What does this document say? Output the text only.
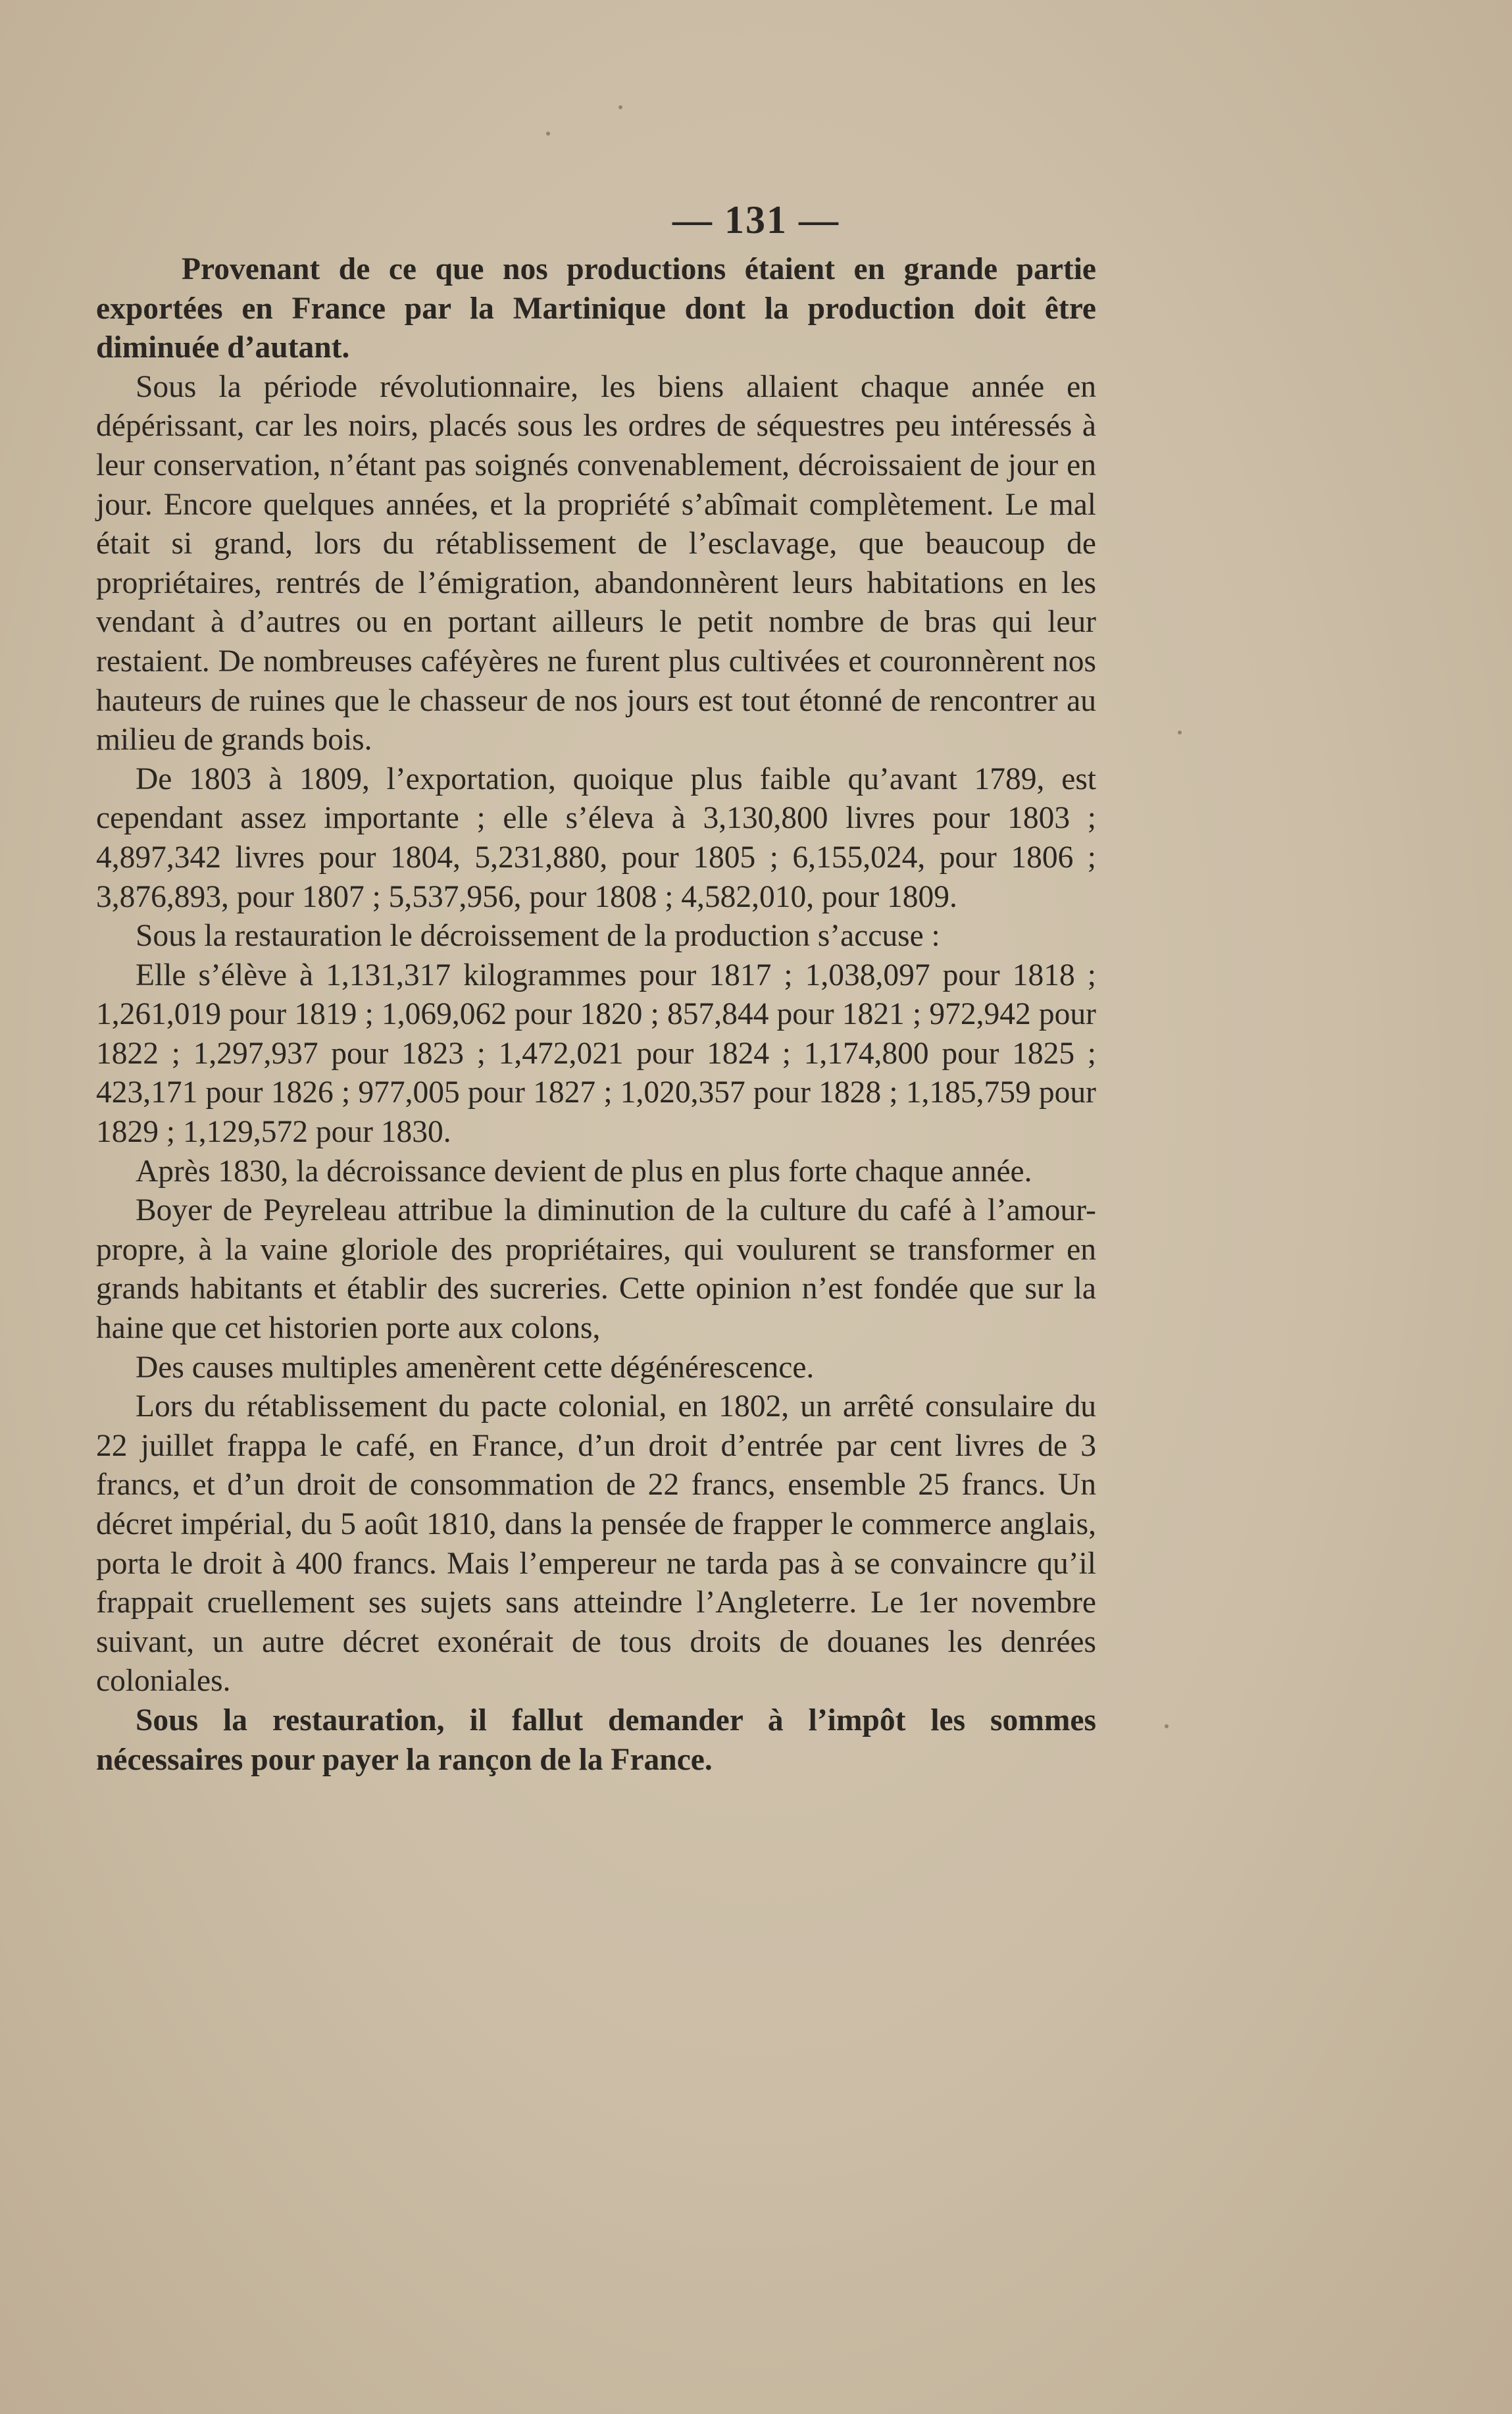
— 131 —

Provenant de ce que nos productions étaient en grande partie exportées en France par la Martinique dont la production doit être diminuée d’autant.

Sous la période révolutionnaire, les biens allaient chaque année en dépérissant, car les noirs, placés sous les ordres de séquestres peu intéressés à leur conservation, n’étant pas soignés convenablement, décroissaient de jour en jour. Encore quelques années, et la propriété s’abîmait complètement. Le mal était si grand, lors du rétablissement de l’esclavage, que beaucoup de propriétaires, rentrés de l’émigration, abandonnèrent leurs habitations en les vendant à d’autres ou en portant ailleurs le petit nombre de bras qui leur restaient. De nombreuses caféyères ne furent plus cultivées et couronnèrent nos hauteurs de ruines que le chasseur de nos jours est tout étonné de rencontrer au milieu de grands bois.

De 1803 à 1809, l’exportation, quoique plus faible qu’avant 1789, est cependant assez importante ; elle s’éleva à 3,130,800 livres pour 1803 ; 4,897,342 livres pour 1804, 5,231,880, pour 1805 ; 6,155,024, pour 1806 ; 3,876,893, pour 1807 ; 5,537,956, pour 1808 ; 4,582,010, pour 1809.

Sous la restauration le décroissement de la production s’accuse :

Elle s’élève à 1,131,317 kilogrammes pour 1817 ; 1,038,097 pour 1818 ; 1,261,019 pour 1819 ; 1,069,062 pour 1820 ; 857,844 pour 1821 ; 972,942 pour 1822 ; 1,297,937 pour 1823 ; 1,472,021 pour 1824 ; 1,174,800 pour 1825 ; 423,171 pour 1826 ; 977,005 pour 1827 ; 1,020,357 pour 1828 ; 1,185,759 pour 1829 ; 1,129,572 pour 1830.

Après 1830, la décroissance devient de plus en plus forte chaque année.

Boyer de Peyreleau attribue la diminution de la culture du café à l’amour-propre, à la vaine gloriole des propriétaires, qui voulurent se transformer en grands habitants et établir des sucreries. Cette opinion n’est fondée que sur la haine que cet historien porte aux colons,

Des causes multiples amenèrent cette dégénérescence.

Lors du rétablissement du pacte colonial, en 1802, un arrêté consulaire du 22 juillet frappa le café, en France, d’un droit d’entrée par cent livres de 3 francs, et d’un droit de consommation de 22 francs, ensemble 25 francs. Un décret impérial, du 5 août 1810, dans la pensée de frapper le commerce anglais, porta le droit à 400 francs. Mais l’empereur ne tarda pas à se convaincre qu’il frappait cruellement ses sujets sans atteindre l’Angleterre. Le 1er novembre suivant, un autre décret exonérait de tous droits de douanes les denrées coloniales.

Sous la restauration, il fallut demander à l’impôt les sommes nécessaires pour payer la rançon de la France.
